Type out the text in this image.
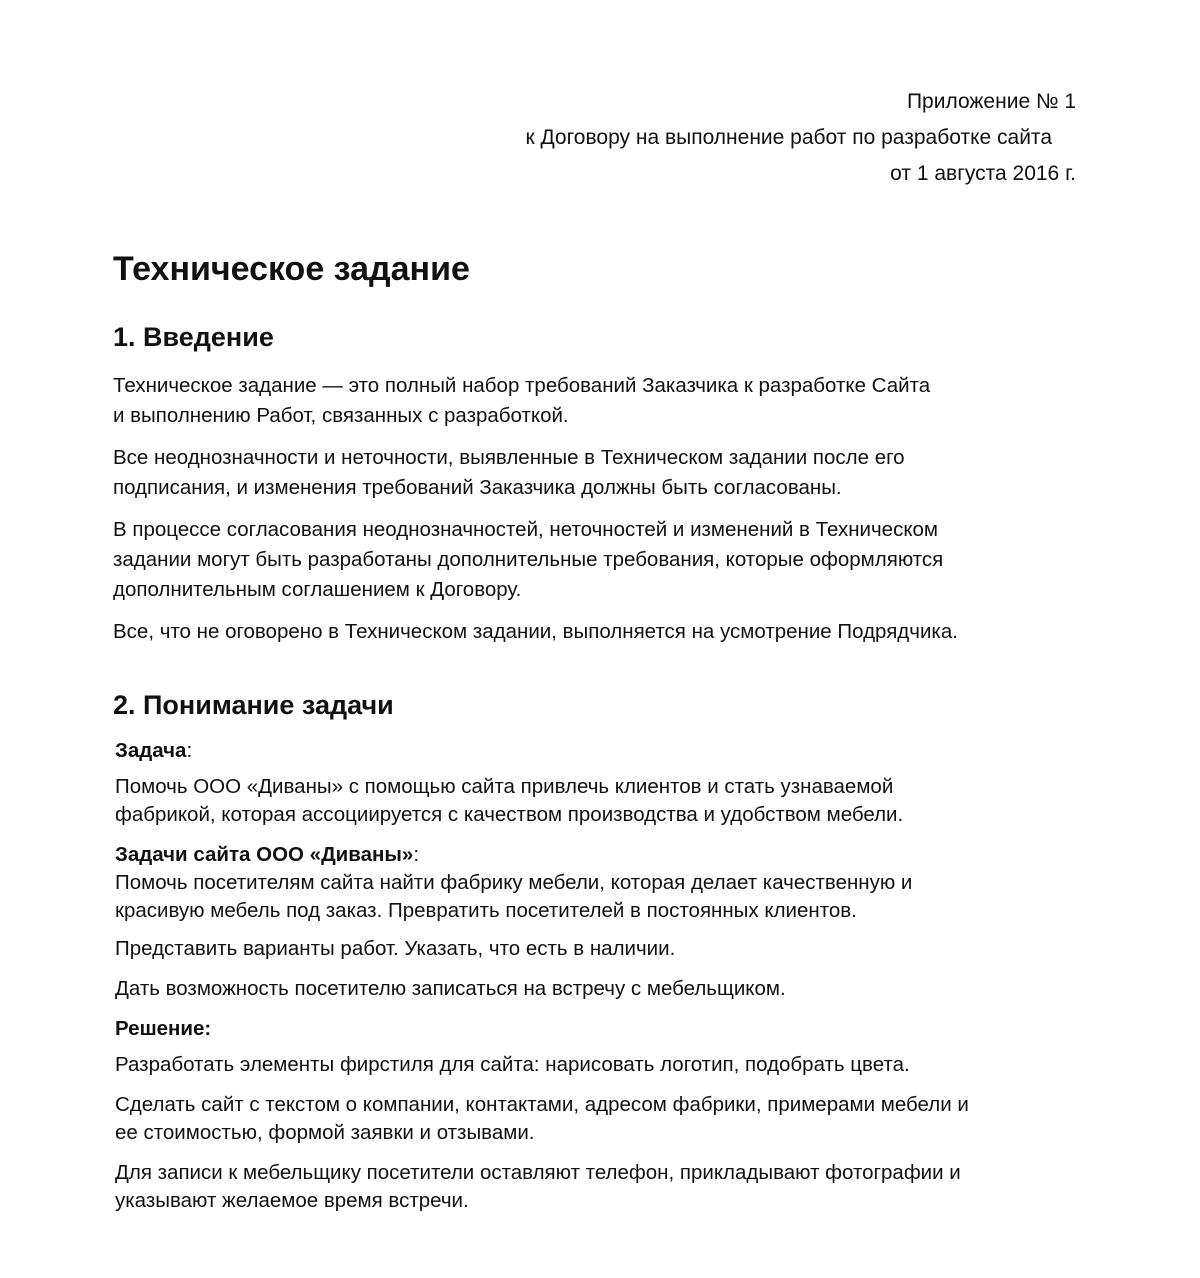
Приложение № 1
к Договору на выполнение работ по разработке сайта
от 1 августа 2016 г.
Техническое задание
1. Введение

Техническое задание — это полный набор требований Заказчика к разработке Сайта
и выполнению Работ, связанных с разработкой.

Все неоднозначности и неточности, выявленные в Техническом задании после его
подписания, и изменения требований Заказчика должны быть согласованы.

В процессе согласования неоднозначностей, неточностей и изменений в Техническом
задании могут быть разработаны дополнительные требования, которые оформляются
дополнительным соглашением к Договору.

Все, что не оговорено в Техническом задании, выполняется на усмотрение Подрядчика.

2. Понимание задачи

Задача:

Помочь ООО «Диваны» с помощью сайта привлечь клиентов и стать узнаваемой
фабрикой, которая ассоциируется с качеством производства и удобством мебели.

Задачи сайта ООО «Диваны»:

Помочь посетителям сайта найти фабрику мебели, которая делает качественную и
красивую мебель под заказ. Превратить посетителей в постоянных клиентов.

Представить варианты работ. Указать, что есть в наличии.

Дать возможность посетителю записаться на встречу с мебельщиком.

Решение:

Разработать элементы фирстиля для сайта: нарисовать логотип, подобрать цвета.

Сделать сайт с текстом о компании, контактами, адресом фабрики, примерами мебели и
ее стоимостью, формой заявки и отзывами.

Для записи к мебельщику посетители оставляют телефон, прикладывают фотографии и
указывают желаемое время встречи.
